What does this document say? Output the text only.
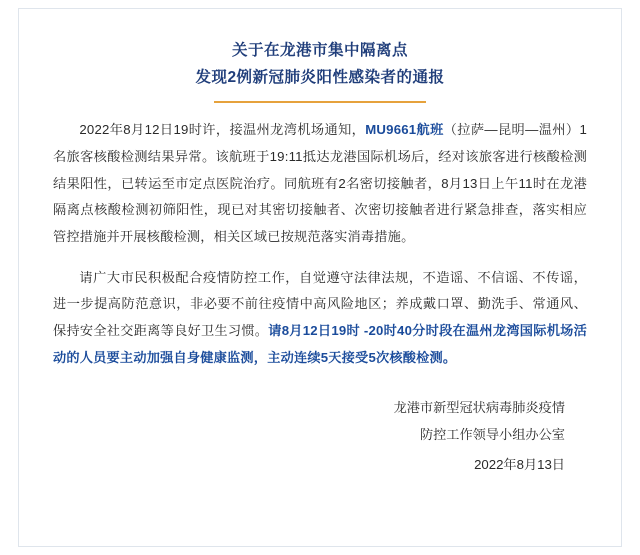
关于在龙港市集中隔离点
发现2例新冠肺炎阳性感染者的通报

2022年8月12日19时许，接温州龙湾机场通知，MU9661航班（拉萨—昆明—温州）1名旅客核酸检测结果异常。该航班于19:11抵达龙港国际机场后，经对该旅客进行核酸检测结果阳性，已转运至市定点医院治疗。同航班有2名密切接触者，8月13日上午11时在龙港隔离点核酸检测初筛阳性，现已对其密切接触者、次密切接触者进行紧急排查，落实相应管控措施并开展核酸检测，相关区域已按规范落实消毒措施。

请广大市民积极配合疫情防控工作，自觉遵守法律法规，不造谣、不信谣、不传谣，进一步提高防范意识，非必要不前往疫情中高风险地区；养成戴口罩、勤洗手、常通风、保持安全社交距离等良好卫生习惯。请8月12日19时 -20时40分时段在温州龙湾国际机场活动的人员要主动加强自身健康监测，主动连续5天接受5次核酸检测。

龙港市新型冠状病毒肺炎疫情
防控工作领导小组办公室
2022年8月13日
